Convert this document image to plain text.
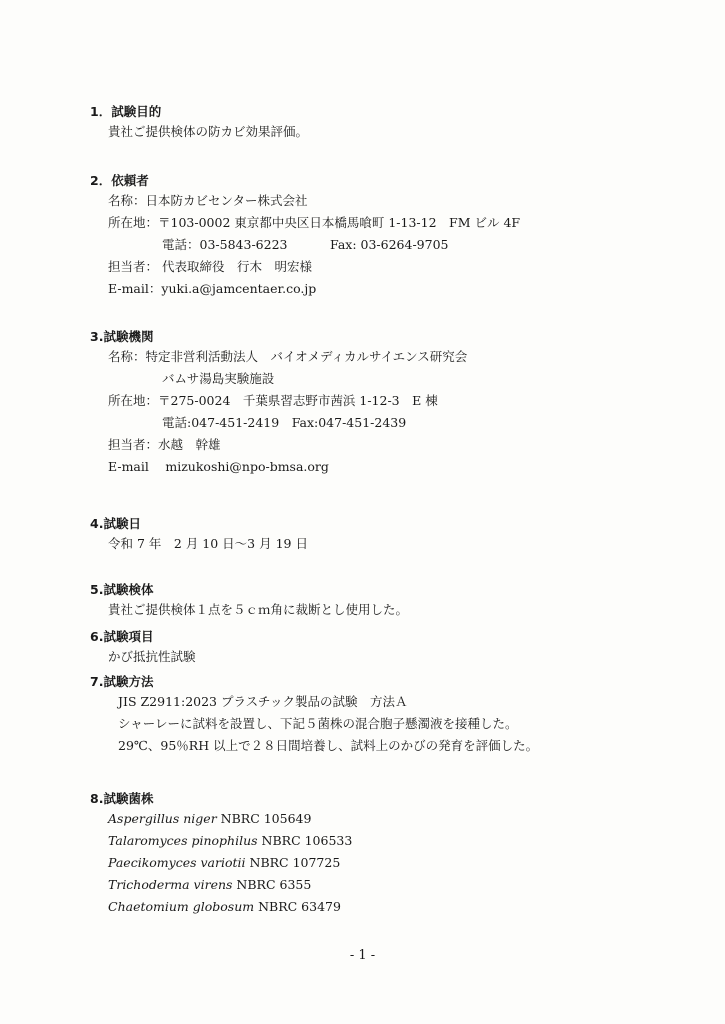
1．試験目的
貴社ご提供検体の防カビ効果評価。
2．依頼者
名称：日本防カビセンター株式会社
所在地：〒103-0002 東京都中央区日本橋馬喰町 1-13-12　FM ビル 4F
電話：03-5843-6223	Fax: 03-6264-9705
担当者： 代表取締役　行木　明宏様
E-mail：yuki.a@jamcentaer.co.jp
3.試験機関
名称：特定非営利活動法人　バイオメディカルサイエンス研究会
バムサ湯島実験施設
所在地：〒275-0024　千葉県習志野市茜浜 1-12-3　E 棟
電話:047-451-2419　Fax:047-451-2439
担当者：水越　幹雄
E-mail　 mizukoshi@npo-bmsa.org
4.試験日
令和 7 年　2 月 10 日～3 月 19 日
5.試験検体
貴社ご提供検体１点を５ｃｍ角に裁断とし使用した。
6.試験項目
かび抵抗性試験
7.試験方法
JIS Z2911:2023 プラスチック製品の試験　方法Ａ
シャーレーに試料を設置し、下記５菌株の混合胞子懸濁液を接種した。
29℃、95％RH 以上で２８日間培養し、試料上のかびの発育を評価した。
8.試験菌株
Aspergillus niger NBRC 105649
Talaromyces pinophilus NBRC 106533
Paecikomyces variotii NBRC 107725
Trichoderma virens NBRC 6355
Chaetomium globosum NBRC 63479
- 1 -
